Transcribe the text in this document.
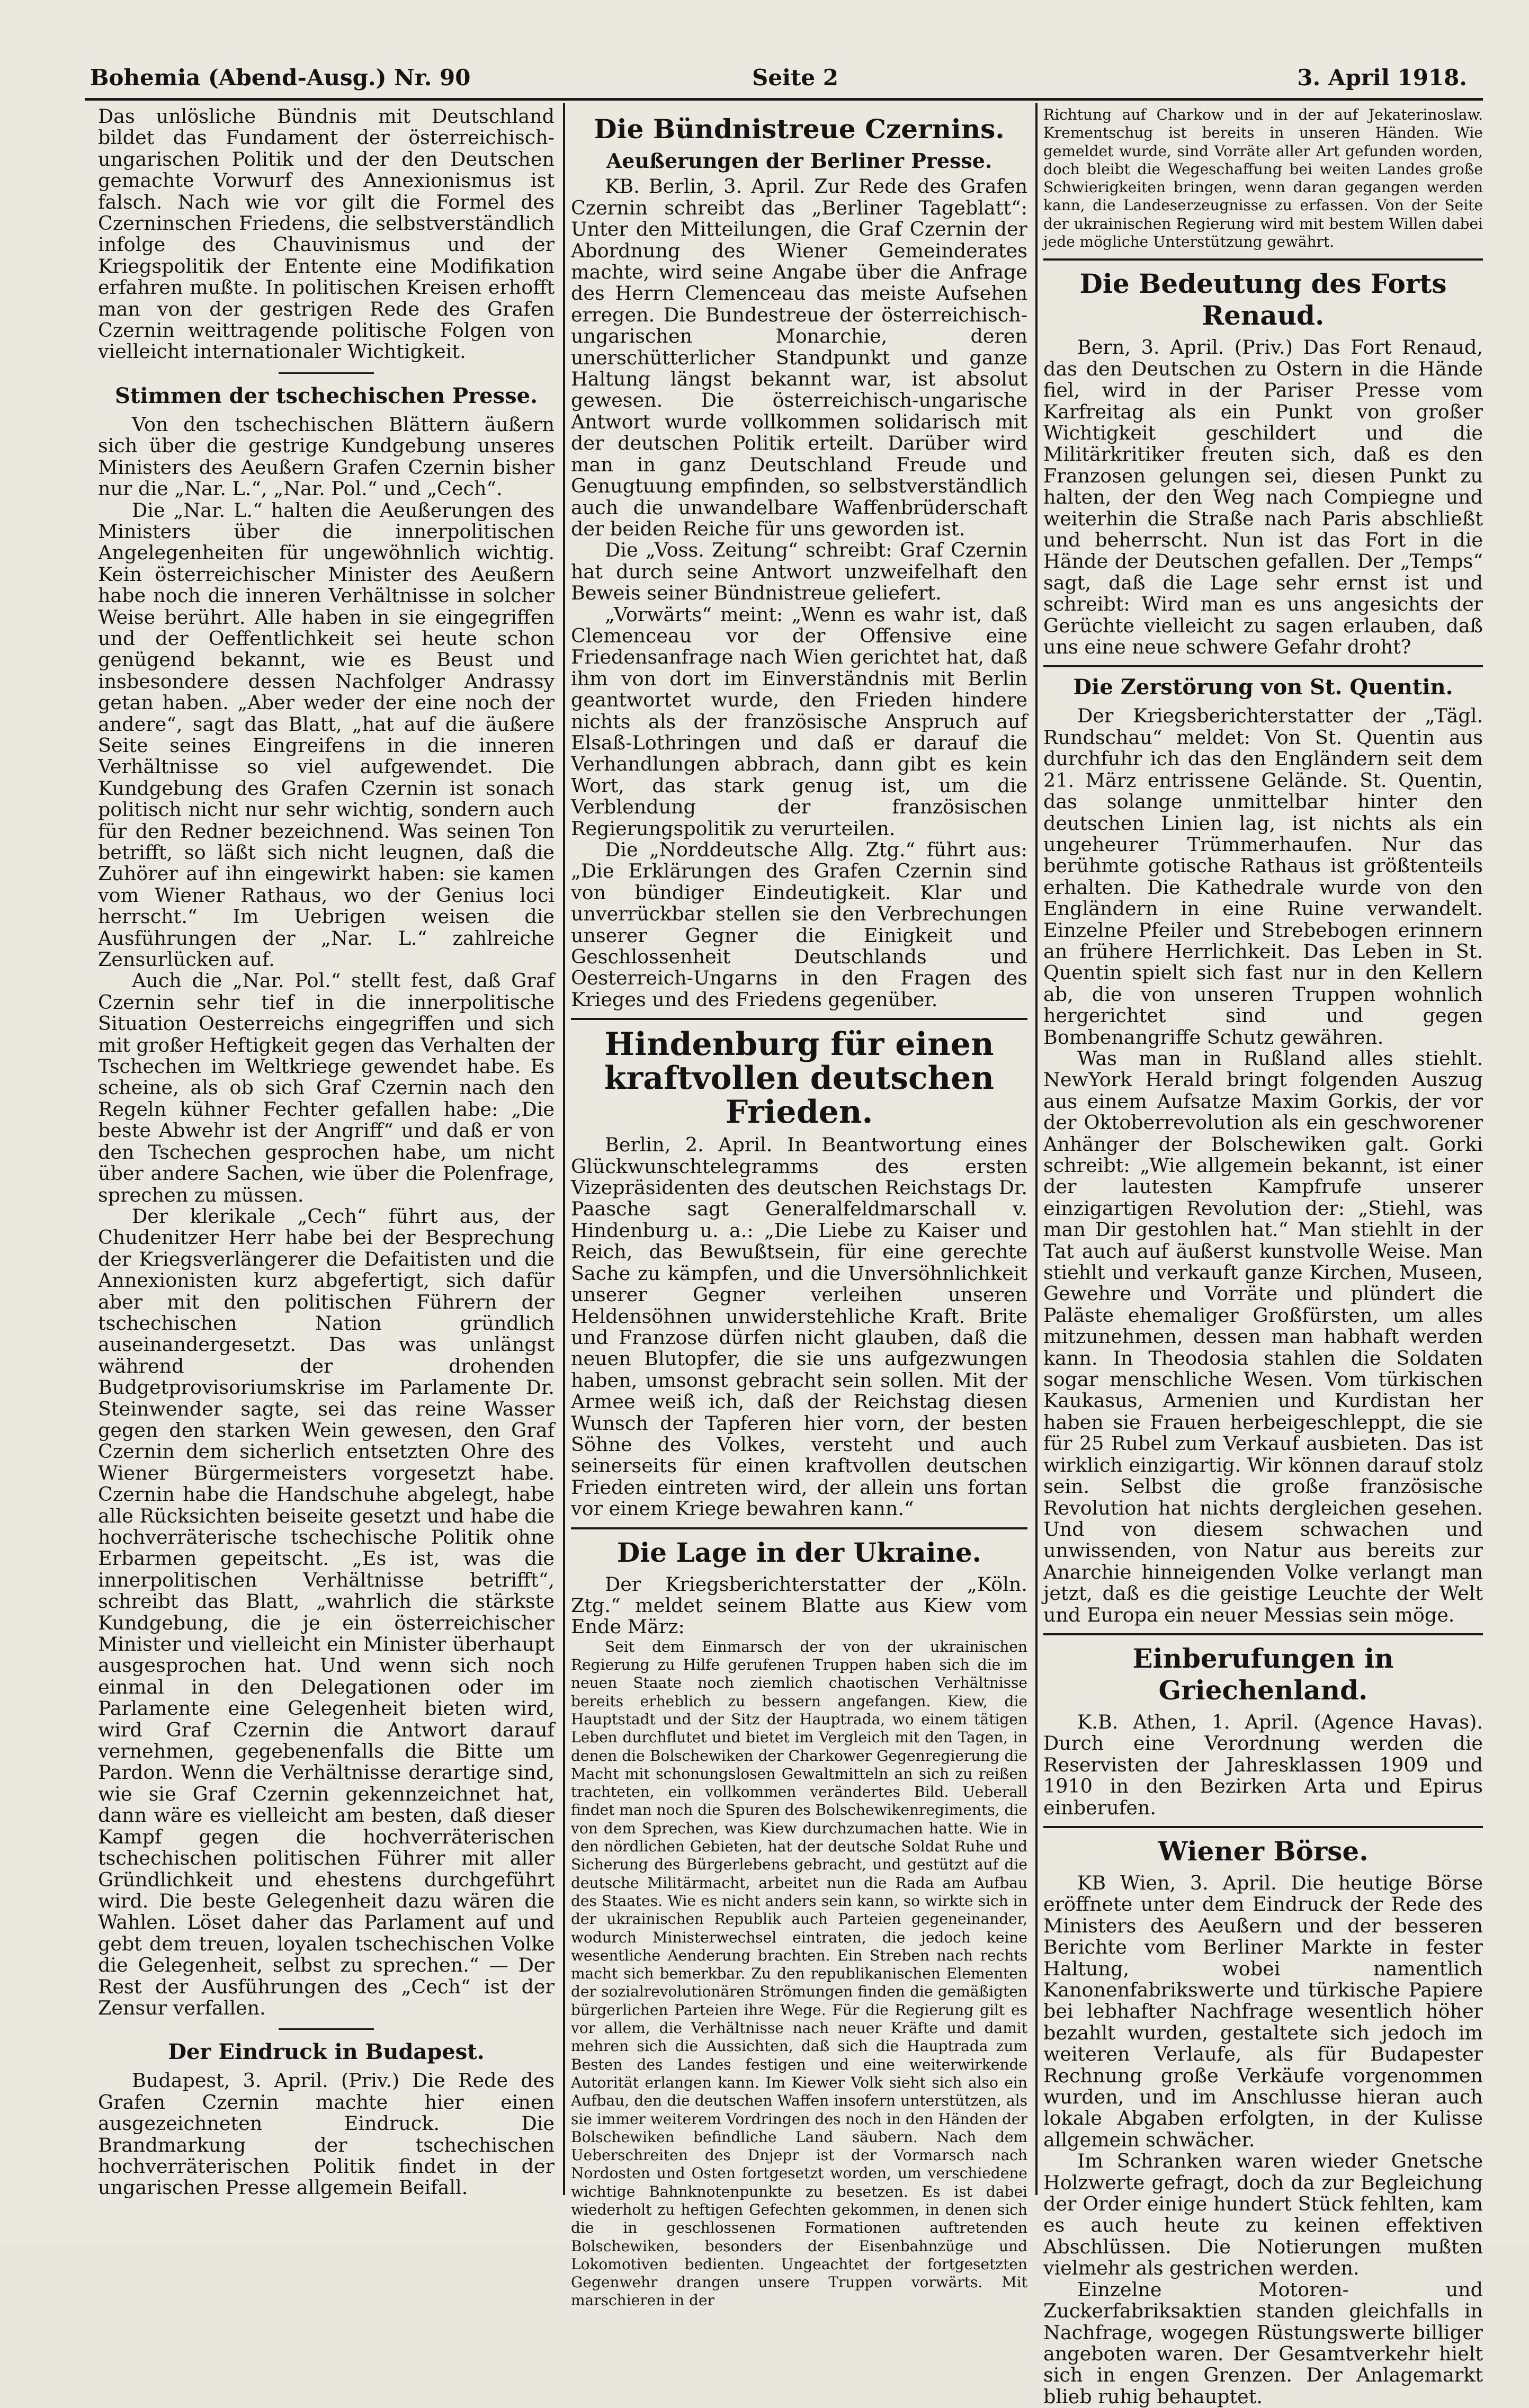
Bohemia (Abend-Ausg.) Nr. 90	Seite 2	3. April 1918.

Das unlösliche Bündnis mit Deutschland bildet das Fundament der österreichisch-ungarischen Politik und der den Deutschen gemachte Vorwurf des Annexionismus ist falsch. Nach wie vor gilt die Formel des Czerninschen Friedens, die selbstverständlich infolge des Chauvinismus und der Kriegspolitik der Entente eine Modifikation erfahren mußte. In politischen Kreisen erhofft man von der gestrigen Rede des Grafen Czernin weittragende politische Folgen von vielleicht internationaler Wichtigkeit.

Stimmen der tschechischen Presse.

Von den tschechischen Blättern äußern sich über die gestrige Kundgebung unseres Ministers des Aeußern Grafen Czernin bisher nur die „Nar. L.“, „Nar. Pol.“ und „Cech“.

Die „Nar. L.“ halten die Aeußerungen des Ministers über die innerpolitischen Angelegenheiten für ungewöhnlich wichtig. Kein österreichischer Minister des Aeußern habe noch die inneren Verhältnisse in solcher Weise berührt. Alle haben in sie eingegriffen und der Oeffentlichkeit sei heute schon genügend bekannt, wie es Beust und insbesondere dessen Nachfolger Andrassy getan haben. „Aber weder der eine noch der andere“, sagt das Blatt, „hat auf die äußere Seite seines Eingreifens in die inneren Verhältnisse so viel aufgewendet. Die Kundgebung des Grafen Czernin ist sonach politisch nicht nur sehr wichtig, sondern auch für den Redner bezeichnend. Was seinen Ton betrifft, so läßt sich nicht leugnen, daß die Zuhörer auf ihn eingewirkt haben: sie kamen vom Wiener Rathaus, wo der Genius loci herrscht.“ Im Uebrigen weisen die Ausführungen der „Nar. L.“ zahlreiche Zensurlücken auf.

Auch die „Nar. Pol.“ stellt fest, daß Graf Czernin sehr tief in die innerpolitische Situation Oesterreichs eingegriffen und sich mit großer Heftigkeit gegen das Verhalten der Tschechen im Weltkriege gewendet habe. Es scheine, als ob sich Graf Czernin nach den Regeln kühner Fechter gefallen habe: „Die beste Abwehr ist der Angriff“ und daß er von den Tschechen gesprochen habe, um nicht über andere Sachen, wie über die Polenfrage, sprechen zu müssen.

Der klerikale „Cech“ führt aus, der Chudenitzer Herr habe bei der Besprechung der Kriegsverlängerer die Defaitisten und die Annexionisten kurz abgefertigt, sich dafür aber mit den politischen Führern der tschechischen Nation gründlich auseinandergesetzt. Das was unlängst während der drohenden Budgetprovisoriumskrise im Parlamente Dr. Steinwender sagte, sei das reine Wasser gegen den starken Wein gewesen, den Graf Czernin dem sicherlich entsetzten Ohre des Wiener Bürgermeisters vorgesetzt habe. Czernin habe die Handschuhe abgelegt, habe alle Rücksichten beiseite gesetzt und habe die hochverräterische tschechische Politik ohne Erbarmen gepeitscht. „Es ist, was die innerpolitischen Verhältnisse betrifft“, schreibt das Blatt, „wahrlich die stärkste Kundgebung, die je ein österreichischer Minister und vielleicht ein Minister überhaupt ausgesprochen hat. Und wenn sich noch einmal in den Delegationen oder im Parlamente eine Gelegenheit bieten wird, wird Graf Czernin die Antwort darauf vernehmen, gegebenenfalls die Bitte um Pardon. Wenn die Verhältnisse derartige sind, wie sie Graf Czernin gekennzeichnet hat, dann wäre es vielleicht am besten, daß dieser Kampf gegen die hochverräterischen tschechischen politischen Führer mit aller Gründlichkeit und ehestens durchgeführt wird. Die beste Gelegenheit dazu wären die Wahlen. Löset daher das Parlament auf und gebt dem treuen, loyalen tschechischen Volke die Gelegenheit, selbst zu sprechen.“ — Der Rest der Ausführungen des „Cech“ ist der Zensur verfallen.

Der Eindruck in Budapest.

Budapest, 3. April. (Priv.) Die Rede des Grafen Czernin machte hier einen ausgezeichneten Eindruck. Die Brandmarkung der tschechischen hochverräterischen Politik findet in der ungarischen Presse allgemein Beifall.

Die Bündnistreue Czernins.
Aeußerungen der Berliner Presse.

KB. Berlin, 3. April. Zur Rede des Grafen Czernin schreibt das „Berliner Tageblatt“: Unter den Mitteilungen, die Graf Czernin der Abordnung des Wiener Gemeinderates machte, wird seine Angabe über die Anfrage des Herrn Clemenceau das meiste Aufsehen erregen. Die Bundestreue der österreichisch-ungarischen Monarchie, deren unerschütterlicher Standpunkt und ganze Haltung längst bekannt war, ist absolut gewesen. Die österreichisch-ungarische Antwort wurde vollkommen solidarisch mit der deutschen Politik erteilt. Darüber wird man in ganz Deutschland Freude und Genugtuung empfinden, so selbstverständlich auch die unwandelbare Waffenbrüderschaft der beiden Reiche für uns geworden ist.

Die „Voss. Zeitung“ schreibt: Graf Czernin hat durch seine Antwort unzweifelhaft den Beweis seiner Bündnistreue geliefert.

„Vorwärts“ meint: „Wenn es wahr ist, daß Clemenceau vor der Offensive eine Friedensanfrage nach Wien gerichtet hat, daß ihm von dort im Einverständnis mit Berlin geantwortet wurde, den Frieden hindere nichts als der französische Anspruch auf Elsaß-Lothringen und daß er darauf die Verhandlungen abbrach, dann gibt es kein Wort, das stark genug ist, um die Verblendung der französischen Regierungspolitik zu verurteilen.

Die „Norddeutsche Allg. Ztg.“ führt aus: „Die Erklärungen des Grafen Czernin sind von bündiger Eindeutigkeit. Klar und unverrückbar stellen sie den Verbrechungen unserer Gegner die Einigkeit und Geschlossenheit Deutschlands und Oesterreich-Ungarns in den Fragen des Krieges und des Friedens gegenüber.

Hindenburg für einen kraftvollen deutschen Frieden.

Berlin, 2. April. In Beantwortung eines Glückwunschtelegramms des ersten Vizepräsidenten des deutschen Reichstags Dr. Paasche sagt Generalfeldmarschall v. Hindenburg u. a.: „Die Liebe zu Kaiser und Reich, das Bewußtsein, für eine gerechte Sache zu kämpfen, und die Unversöhnlichkeit unserer Gegner verleihen unseren Heldensöhnen unwiderstehliche Kraft. Brite und Franzose dürfen nicht glauben, daß die neuen Blutopfer, die sie uns aufgezwungen haben, umsonst gebracht sein sollen. Mit der Armee weiß ich, daß der Reichstag diesen Wunsch der Tapferen hier vorn, der besten Söhne des Volkes, versteht und auch seinerseits für einen kraftvollen deutschen Frieden eintreten wird, der allein uns fortan vor einem Kriege bewahren kann.“

Die Lage in der Ukraine.

Der Kriegsberichterstatter der „Köln. Ztg.“ meldet seinem Blatte aus Kiew vom Ende März:

Seit dem Einmarsch der von der ukrainischen Regierung zu Hilfe gerufenen Truppen haben sich die im neuen Staate noch ziemlich chaotischen Verhältnisse bereits erheblich zu bessern angefangen. Kiew, die Hauptstadt und der Sitz der Hauptrada, wo einem tätigen Leben durchflutet und bietet im Vergleich mit den Tagen, in denen die Bolschewiken der Charkower Gegenregierung die Macht mit schonungslosen Gewaltmitteln an sich zu reißen trachteten, ein vollkommen verändertes Bild. Ueberall findet man noch die Spuren des Bolschewikenregiments, die von dem Sprechen, was Kiew durchzumachen hatte. Wie in den nördlichen Gebieten, hat der deutsche Soldat Ruhe und Sicherung des Bürgerlebens gebracht, und gestützt auf die deutsche Militärmacht, arbeitet nun die Rada am Aufbau des Staates. Wie es nicht anders sein kann, so wirkte sich in der ukrainischen Republik auch Parteien gegeneinander, wodurch Ministerwechsel eintraten, die jedoch keine wesentliche Aenderung brachten. Ein Streben nach rechts macht sich bemerkbar. Zu den republikanischen Elementen der sozialrevolutionären Strömungen finden die gemäßigten bürgerlichen Parteien ihre Wege. Für die Regierung gilt es vor allem, die Verhältnisse nach neuer Kräfte und damit mehren sich die Aussichten, daß sich die Hauptrada zum Besten des Landes festigen und eine weiterwirkende Autorität erlangen kann. Im Kiewer Volk sieht sich also ein Aufbau, den die deutschen Waffen insofern unterstützen, als sie immer weiterem Vordringen des noch in den Händen der Bolschewiken befindliche Land säubern. Nach dem Ueberschreiten des Dnjepr ist der Vormarsch nach Nordosten und Osten fortgesetzt worden, um verschiedene wichtige Bahnknotenpunkte zu besetzen. Es ist dabei wiederholt zu heftigen Gefechten gekommen, in denen sich die in geschlossenen Formationen auftretenden Bolschewiken, besonders der Eisenbahnzüge und Lokomotiven bedienten. Ungeachtet der fortgesetzten Gegenwehr drangen unsere Truppen vorwärts. Mit marschieren in der

Richtung auf Charkow und in der auf Jekaterinoslaw. Krementschug ist bereits in unseren Händen. Wie gemeldet wurde, sind Vorräte aller Art gefunden worden, doch bleibt die Wegeschaffung bei weiten Landes große Schwierigkeiten bringen, wenn daran gegangen werden kann, die Landeserzeugnisse zu erfassen. Von der Seite der ukrainischen Regierung wird mit bestem Willen dabei jede mögliche Unterstützung gewährt.

Die Bedeutung des Forts Renaud.

Bern, 3. April. (Priv.) Das Fort Renaud, das den Deutschen zu Ostern in die Hände fiel, wird in der Pariser Presse vom Karfreitag als ein Punkt von großer Wichtigkeit geschildert und die Militärkritiker freuten sich, daß es den Franzosen gelungen sei, diesen Punkt zu halten, der den Weg nach Compiegne und weiterhin die Straße nach Paris abschließt und beherrscht. Nun ist das Fort in die Hände der Deutschen gefallen. Der „Temps“ sagt, daß die Lage sehr ernst ist und schreibt: Wird man es uns angesichts der Gerüchte vielleicht zu sagen erlauben, daß uns eine neue schwere Gefahr droht?

Die Zerstörung von St. Quentin.

Der Kriegsberichterstatter der „Tägl. Rundschau“ meldet: Von St. Quentin aus durchfuhr ich das den Engländern seit dem 21. März entrissene Gelände. St. Quentin, das solange unmittelbar hinter den deutschen Linien lag, ist nichts als ein ungeheurer Trümmerhaufen. Nur das berühmte gotische Rathaus ist größtenteils erhalten. Die Kathedrale wurde von den Engländern in eine Ruine verwandelt. Einzelne Pfeiler und Strebebogen erinnern an frühere Herrlichkeit. Das Leben in St. Quentin spielt sich fast nur in den Kellern ab, die von unseren Truppen wohnlich hergerichtet sind und gegen Bombenangriffe Schutz gewähren.

Was man in Rußland alles stiehlt. NewYork Herald bringt folgenden Auszug aus einem Aufsatze Maxim Gorkis, der vor der Oktoberrevolution als ein geschworener Anhänger der Bolschewiken galt. Gorki schreibt: „Wie allgemein bekannt, ist einer der lautesten Kampfrufe unserer einzigartigen Revolution der: „Stiehl, was man Dir gestohlen hat.“ Man stiehlt in der Tat auch auf äußerst kunstvolle Weise. Man stiehlt und verkauft ganze Kirchen, Museen, Gewehre und Vorräte und plündert die Paläste ehemaliger Großfürsten, um alles mitzunehmen, dessen man habhaft werden kann. In Theodosia stahlen die Soldaten sogar menschliche Wesen. Vom türkischen Kaukasus, Armenien und Kurdistan her haben sie Frauen herbeigeschleppt, die sie für 25 Rubel zum Verkauf ausbieten. Das ist wirklich einzigartig. Wir können darauf stolz sein. Selbst die große französische Revolution hat nichts dergleichen gesehen. Und von diesem schwachen und unwissenden, von Natur aus bereits zur Anarchie hinneigenden Volke verlangt man jetzt, daß es die geistige Leuchte der Welt und Europa ein neuer Messias sein möge.

Einberufungen in Griechenland.

K.B. Athen, 1. April. (Agence Havas). Durch eine Verordnung werden die Reservisten der Jahresklassen 1909 und 1910 in den Bezirken Arta und Epirus einberufen.

Wiener Börse.

KB Wien, 3. April. Die heutige Börse eröffnete unter dem Eindruck der Rede des Ministers des Aeußern und der besseren Berichte vom Berliner Markte in fester Haltung, wobei namentlich Kanonenfabrikswerte und türkische Papiere bei lebhafter Nachfrage wesentlich höher bezahlt wurden, gestaltete sich jedoch im weiteren Verlaufe, als für Budapester Rechnung große Verkäufe vorgenommen wurden, und im Anschlusse hieran auch lokale Abgaben erfolgten, in der Kulisse allgemein schwächer.

Im Schranken waren wieder Gnetsche Holzwerte gefragt, doch da zur Begleichung der Order einige hundert Stück fehlten, kam es auch heute zu keinen effektiven Abschlüssen. Die Notierungen mußten vielmehr als gestrichen werden.

Einzelne Motoren- und Zuckerfabriksaktien standen gleichfalls in Nachfrage, wogegen Rüstungswerte billiger angeboten waren. Der Gesamtverkehr hielt sich in engen Grenzen. Der Anlagemarkt blieb ruhig behauptet.
